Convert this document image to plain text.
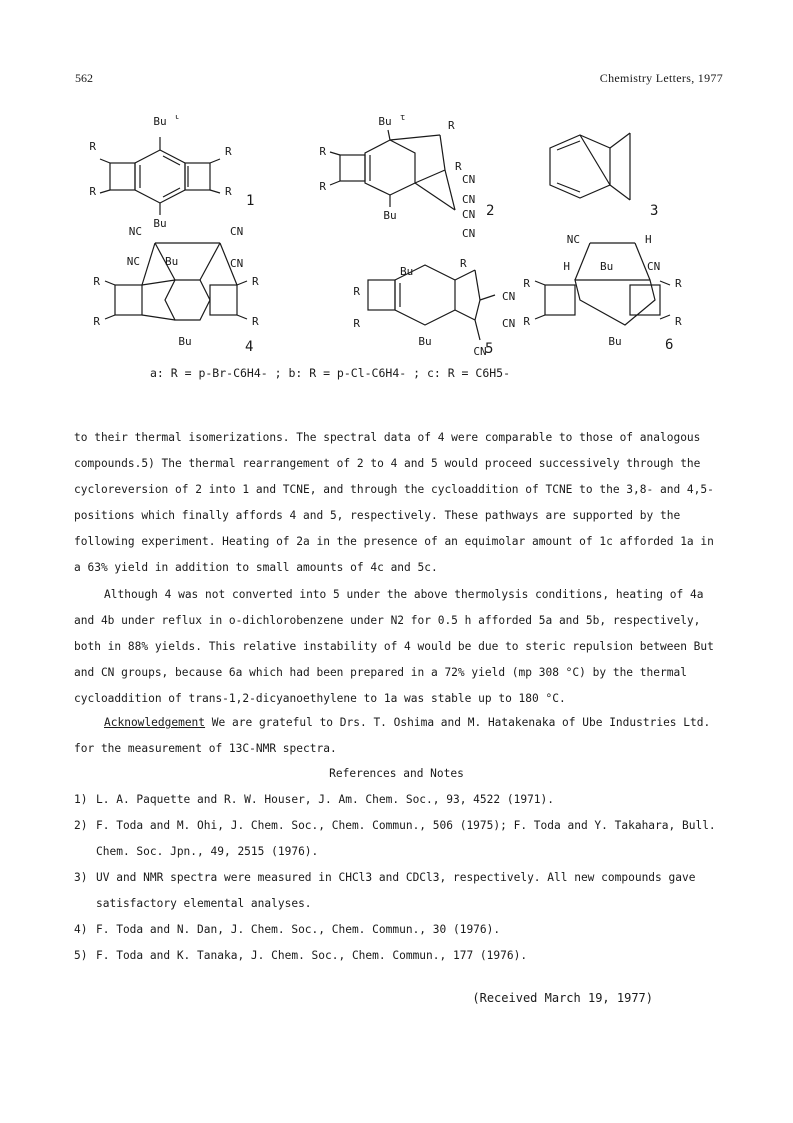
562	Chemistry Letters, 1977
Bu t
R
R
R
R
Bu
1
Bu t
R
R
R
R
CN
CN
CN
CN
Bu	2	3
NC	CN
NC	CN
Bu
R
R
R
R
Bu	4
Bu
R
R
R
CN
CN
Bu
CN
5
NC	H
H	CN
Bu
R
R
R
R
Bu	6
a: R = p-Br-C6H4- ; b: R = p-Cl-C6H4- ; c: R = C6H5-

to their thermal isomerizations. The spectral data of 4 were comparable to those of analogous compounds.5) The thermal rearrangement of 2 to 4 and 5 would proceed successively through the cycloreversion of 2 into 1 and TCNE, and through the cycloaddition of TCNE to the 3,8- and 4,5-positions which finally affords 4 and 5, respectively. These pathways are supported by the following experiment. Heating of 2a in the presence of an equimolar amount of 1c afforded 1a in a 63% yield in addition to small amounts of 4c and 5c.

Although 4 was not converted into 5 under the above thermolysis conditions, heating of 4a and 4b under reflux in o-dichlorobenzene under N2 for 0.5 h afforded 5a and 5b, respectively, both in 88% yields. This relative instability of 4 would be due to steric repulsion between But and CN groups, because 6a which had been prepared in a 72% yield (mp 308 °C) by the thermal cycloaddition of trans-1,2-dicyanoethylene to 1a was stable up to 180 °C.

Acknowledgement We are grateful to Drs. T. Oshima and M. Hatakenaka of Ube Industries Ltd. for the measurement of 13C-NMR spectra.

References and Notes
1) L. A. Paquette and R. W. Houser, J. Am. Chem. Soc., 93, 4522 (1971).
2) F. Toda and M. Ohi, J. Chem. Soc., Chem. Commun., 506 (1975); F. Toda and Y. Takahara, Bull. Chem. Soc. Jpn., 49, 2515 (1976).
3) UV and NMR spectra were measured in CHCl3 and CDCl3, respectively. All new compounds gave satisfactory elemental analyses.
4) F. Toda and N. Dan, J. Chem. Soc., Chem. Commun., 30 (1976).
5) F. Toda and K. Tanaka, J. Chem. Soc., Chem. Commun., 177 (1976).
(Received March 19, 1977)
